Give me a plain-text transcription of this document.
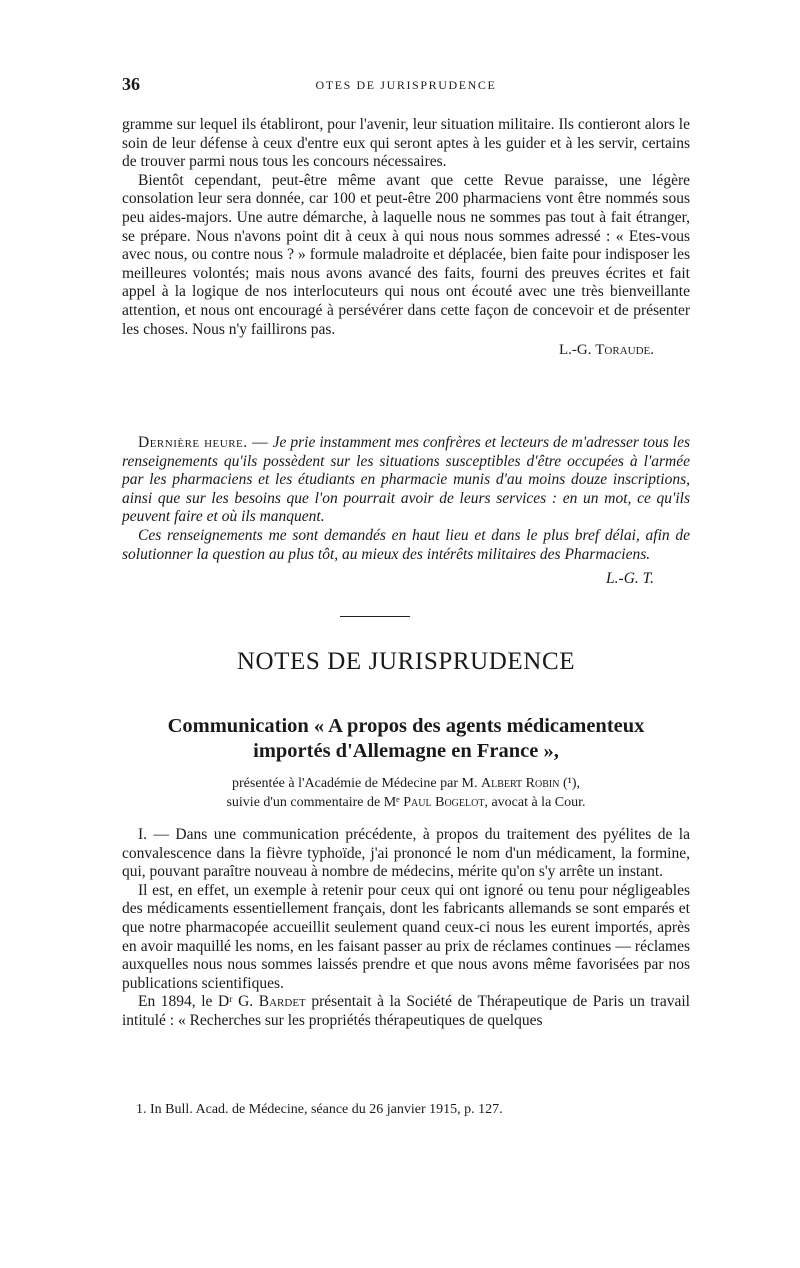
36	OTES DE JURISPRUDENCE

gramme sur lequel ils établiront, pour l'avenir, leur situation militaire. Ils contieront alors le soin de leur défense à ceux d'entre eux qui seront aptes à les guider et à les servir, certains de trouver parmi nous tous les concours nécessaires.

Bientôt cependant, peut-être même avant que cette Revue paraisse, une légère consolation leur sera donnée, car 100 et peut-être 200 pharmaciens vont être nommés sous peu aides-majors. Une autre démarche, à laquelle nous ne sommes pas tout à fait étranger, se prépare. Nous n'avons point dit à ceux à qui nous nous sommes adressé : « Etes-vous avec nous, ou contre nous ? » formule maladroite et déplacée, bien faite pour indisposer les meilleures volontés; mais nous avons avancé des faits, fourni des preuves écrites et fait appel à la logique de nos interlocuteurs qui nous ont écouté avec une très bienveillante attention, et nous ont encouragé à persévérer dans cette façon de concevoir et de présenter les choses. Nous n'y faillirons pas.

L.-G. Toraude.

Dernière heure. — Je prie instamment mes confrères et lecteurs de m'adresser tous les renseignements qu'ils possèdent sur les situations susceptibles d'être occupées à l'armée par les pharmaciens et les étudiants en pharmacie munis d'au moins douze inscriptions, ainsi que sur les besoins que l'on pourrait avoir de leurs services : en un mot, ce qu'ils peuvent faire et où ils manquent.

Ces renseignements me sont demandés en haut lieu et dans le plus bref délai, afin de solutionner la question au plus tôt, au mieux des intérêts militaires des Pharmaciens.

L.-G. T.
NOTES DE JURISPRUDENCE
Communication « A propos des agents médicamenteux
importés d'Allemagne en France »,
présentée à l'Académie de Médecine par M. Albert Robin (¹),
suivie d'un commentaire de Mᵉ Paul Bogelot, avocat à la Cour.

I. — Dans une communication précédente, à propos du traitement des pyélites de la convalescence dans la fièvre typhoïde, j'ai prononcé le nom d'un médicament, la formine, qui, pouvant paraître nouveau à nombre de médecins, mérite qu'on s'y arrête un instant.

Il est, en effet, un exemple à retenir pour ceux qui ont ignoré ou tenu pour négligeables des médicaments essentiellement français, dont les fabricants allemands se sont emparés et que notre pharmacopée accueillit seulement quand ceux-ci nous les eurent importés, après en avoir maquillé les noms, en les faisant passer au prix de réclames continues — réclames auxquelles nous nous sommes laissés prendre et que nous avons même favorisées par nos publications scientifiques.

En 1894, le Dʳ G. Bardet présentait à la Société de Thérapeutique de Paris un travail intitulé : « Recherches sur les propriétés thérapeutiques de quelques

1. In Bull. Acad. de Médecine, séance du 26 janvier 1915, p. 127.
